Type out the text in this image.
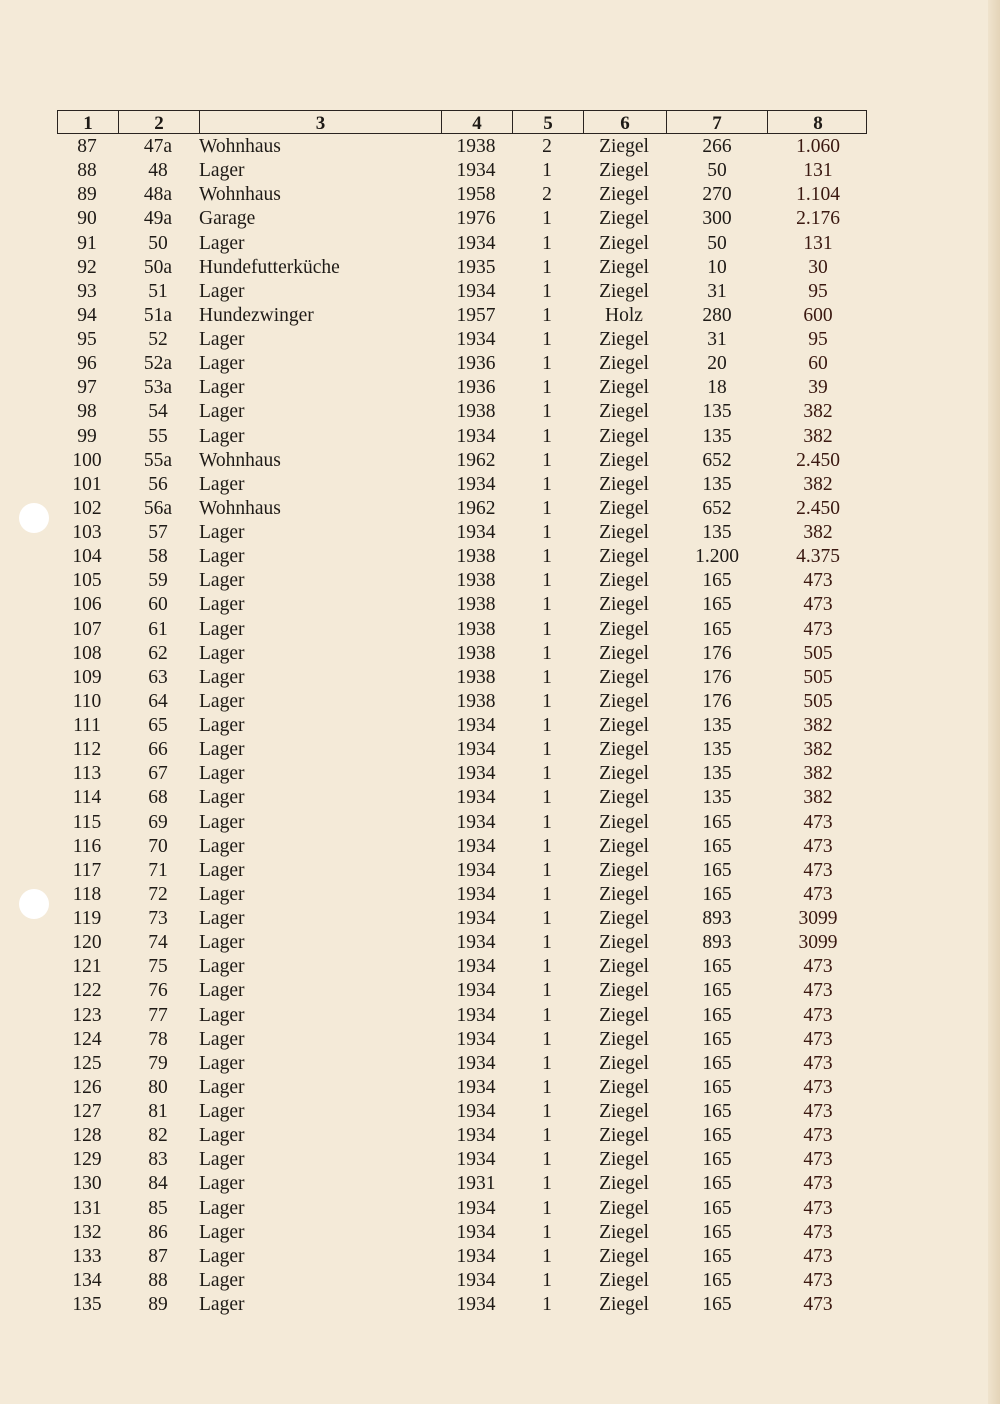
1	2	3	4	5	6	7	8
87	47a	Wohnhaus	1938	2	Ziegel	266	1.060
88	48	Lager	1934	1	Ziegel	50	131
89	48a	Wohnhaus	1958	2	Ziegel	270	1.104
90	49a	Garage	1976	1	Ziegel	300	2.176
91	50	Lager	1934	1	Ziegel	50	131
92	50a	Hundefutterküche	1935	1	Ziegel	10	30
93	51	Lager	1934	1	Ziegel	31	95
94	51a	Hundezwinger	1957	1	Holz	280	600
95	52	Lager	1934	1	Ziegel	31	95
96	52a	Lager	1936	1	Ziegel	20	60
97	53a	Lager	1936	1	Ziegel	18	39
98	54	Lager	1938	1	Ziegel	135	382
99	55	Lager	1934	1	Ziegel	135	382
100	55a	Wohnhaus	1962	1	Ziegel	652	2.450
101	56	Lager	1934	1	Ziegel	135	382
102	56a	Wohnhaus	1962	1	Ziegel	652	2.450
103	57	Lager	1934	1	Ziegel	135	382
104	58	Lager	1938	1	Ziegel	1.200	4.375
105	59	Lager	1938	1	Ziegel	165	473
106	60	Lager	1938	1	Ziegel	165	473
107	61	Lager	1938	1	Ziegel	165	473
108	62	Lager	1938	1	Ziegel	176	505
109	63	Lager	1938	1	Ziegel	176	505
110	64	Lager	1938	1	Ziegel	176	505
111	65	Lager	1934	1	Ziegel	135	382
112	66	Lager	1934	1	Ziegel	135	382
113	67	Lager	1934	1	Ziegel	135	382
114	68	Lager	1934	1	Ziegel	135	382
115	69	Lager	1934	1	Ziegel	165	473
116	70	Lager	1934	1	Ziegel	165	473
117	71	Lager	1934	1	Ziegel	165	473
118	72	Lager	1934	1	Ziegel	165	473
119	73	Lager	1934	1	Ziegel	893	3099
120	74	Lager	1934	1	Ziegel	893	3099
121	75	Lager	1934	1	Ziegel	165	473
122	76	Lager	1934	1	Ziegel	165	473
123	77	Lager	1934	1	Ziegel	165	473
124	78	Lager	1934	1	Ziegel	165	473
125	79	Lager	1934	1	Ziegel	165	473
126	80	Lager	1934	1	Ziegel	165	473
127	81	Lager	1934	1	Ziegel	165	473
128	82	Lager	1934	1	Ziegel	165	473
129	83	Lager	1934	1	Ziegel	165	473
130	84	Lager	1931	1	Ziegel	165	473
131	85	Lager	1934	1	Ziegel	165	473
132	86	Lager	1934	1	Ziegel	165	473
133	87	Lager	1934	1	Ziegel	165	473
134	88	Lager	1934	1	Ziegel	165	473
135	89	Lager	1934	1	Ziegel	165	473
